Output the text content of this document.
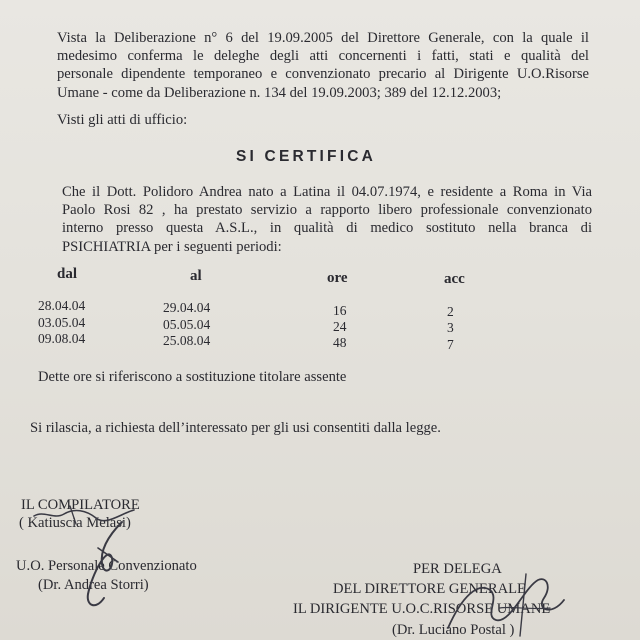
Vista la Deliberazione n° 6 del 19.09.2005 del Direttore Generale, con la quale il
medesimo conferma le deleghe degli atti concernenti i fatti, stati e qualità del
personale dipendente temporaneo e convenzionato precario al Dirigente U.O.Risorse
Umane - come da Deliberazione n. 134 del 19.09.2003; 389 del 12.12.2003;
Visti gli atti di ufficio:
SI CERTIFICA
Che il Dott. Polidoro Andrea nato a Latina il 04.07.1974, e residente a Roma in Via
Paolo Rosi 82 , ha prestato servizio a rapporto libero professionale convenzionato
interno presso questa A.S.L., in qualità di medico sostituto nella branca di
PSICHIATRIA per i seguenti periodi:
dal	al	ore	acc
28.04.04	29.04.04	16	2
03.05.04	05.05.04	24	3
09.08.04	25.08.04	48	7
Dette ore si riferiscono a sostituzione titolare assente
Si rilascia, a richiesta dell’interessato per gli usi consentiti dalla legge.
IL COMPILATORE
( Katiuscia Melasi)
U.O. Personale Convenzionato
(Dr. Andrea Storri)
PER DELEGA
DEL DIRETTORE GENERALE
IL DIRIGENTE U.O.C.RISORSE UMANE
(Dr. Luciano Postal )
